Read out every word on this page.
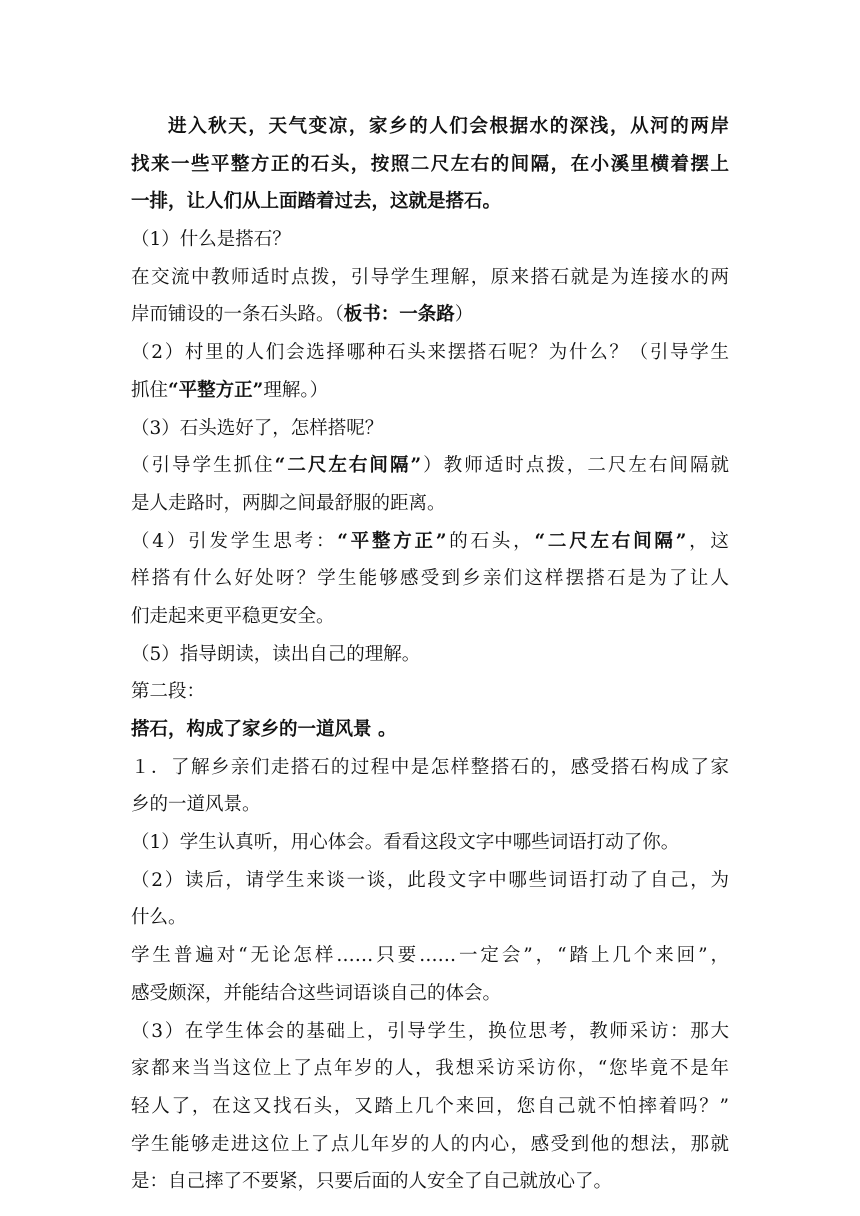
进入秋天，天气变凉，家乡的人们会根据水的深浅，从河的两岸
找来一些平整方正的石头，按照二尺左右的间隔，在小溪里横着摆上
一排，让人们从上面踏着过去，这就是搭石。
（1）什么是搭石？
在交流中教师适时点拨，引导学生理解，原来搭石就是为连接水的两
岸而铺设的一条石头路。（板书：一条路）
（2）村里的人们会选择哪种石头来摆搭石呢？为什么？（引导学生
抓住“平整方正”理解。）
（3）石头选好了，怎样搭呢？
（引导学生抓住“二尺左右间隔”）教师适时点拨，二尺左右间隔就
是人走路时，两脚之间最舒服的距离。
（4）引发学生思考：“平整方正”的石头，“二尺左右间隔”，这
样搭有什么好处呀？学生能够感受到乡亲们这样摆搭石是为了让人
们走起来更平稳更安全。
（5）指导朗读，读出自己的理解。
第二段：
搭石，构成了家乡的一道风景 。
１．了解乡亲们走搭石的过程中是怎样整搭石的，感受搭石构成了家
乡的一道风景。
（1）学生认真听，用心体会。看看这段文字中哪些词语打动了你。
（2）读后，请学生来谈一谈，此段文字中哪些词语打动了自己，为
什么。
学生普遍对“无论怎样……只要……一定会”，“踏上几个来回”，
感受颇深，并能结合这些词语谈自己的体会。
（3）在学生体会的基础上，引导学生，换位思考，教师采访：那大
家都来当当这位上了点年岁的人，我想采访采访你，“您毕竟不是年
轻人了，在这又找石头，又踏上几个来回，您自己就不怕摔着吗？”
学生能够走进这位上了点儿年岁的人的内心，感受到他的想法，那就
是：自己摔了不要紧，只要后面的人安全了自己就放心了。
